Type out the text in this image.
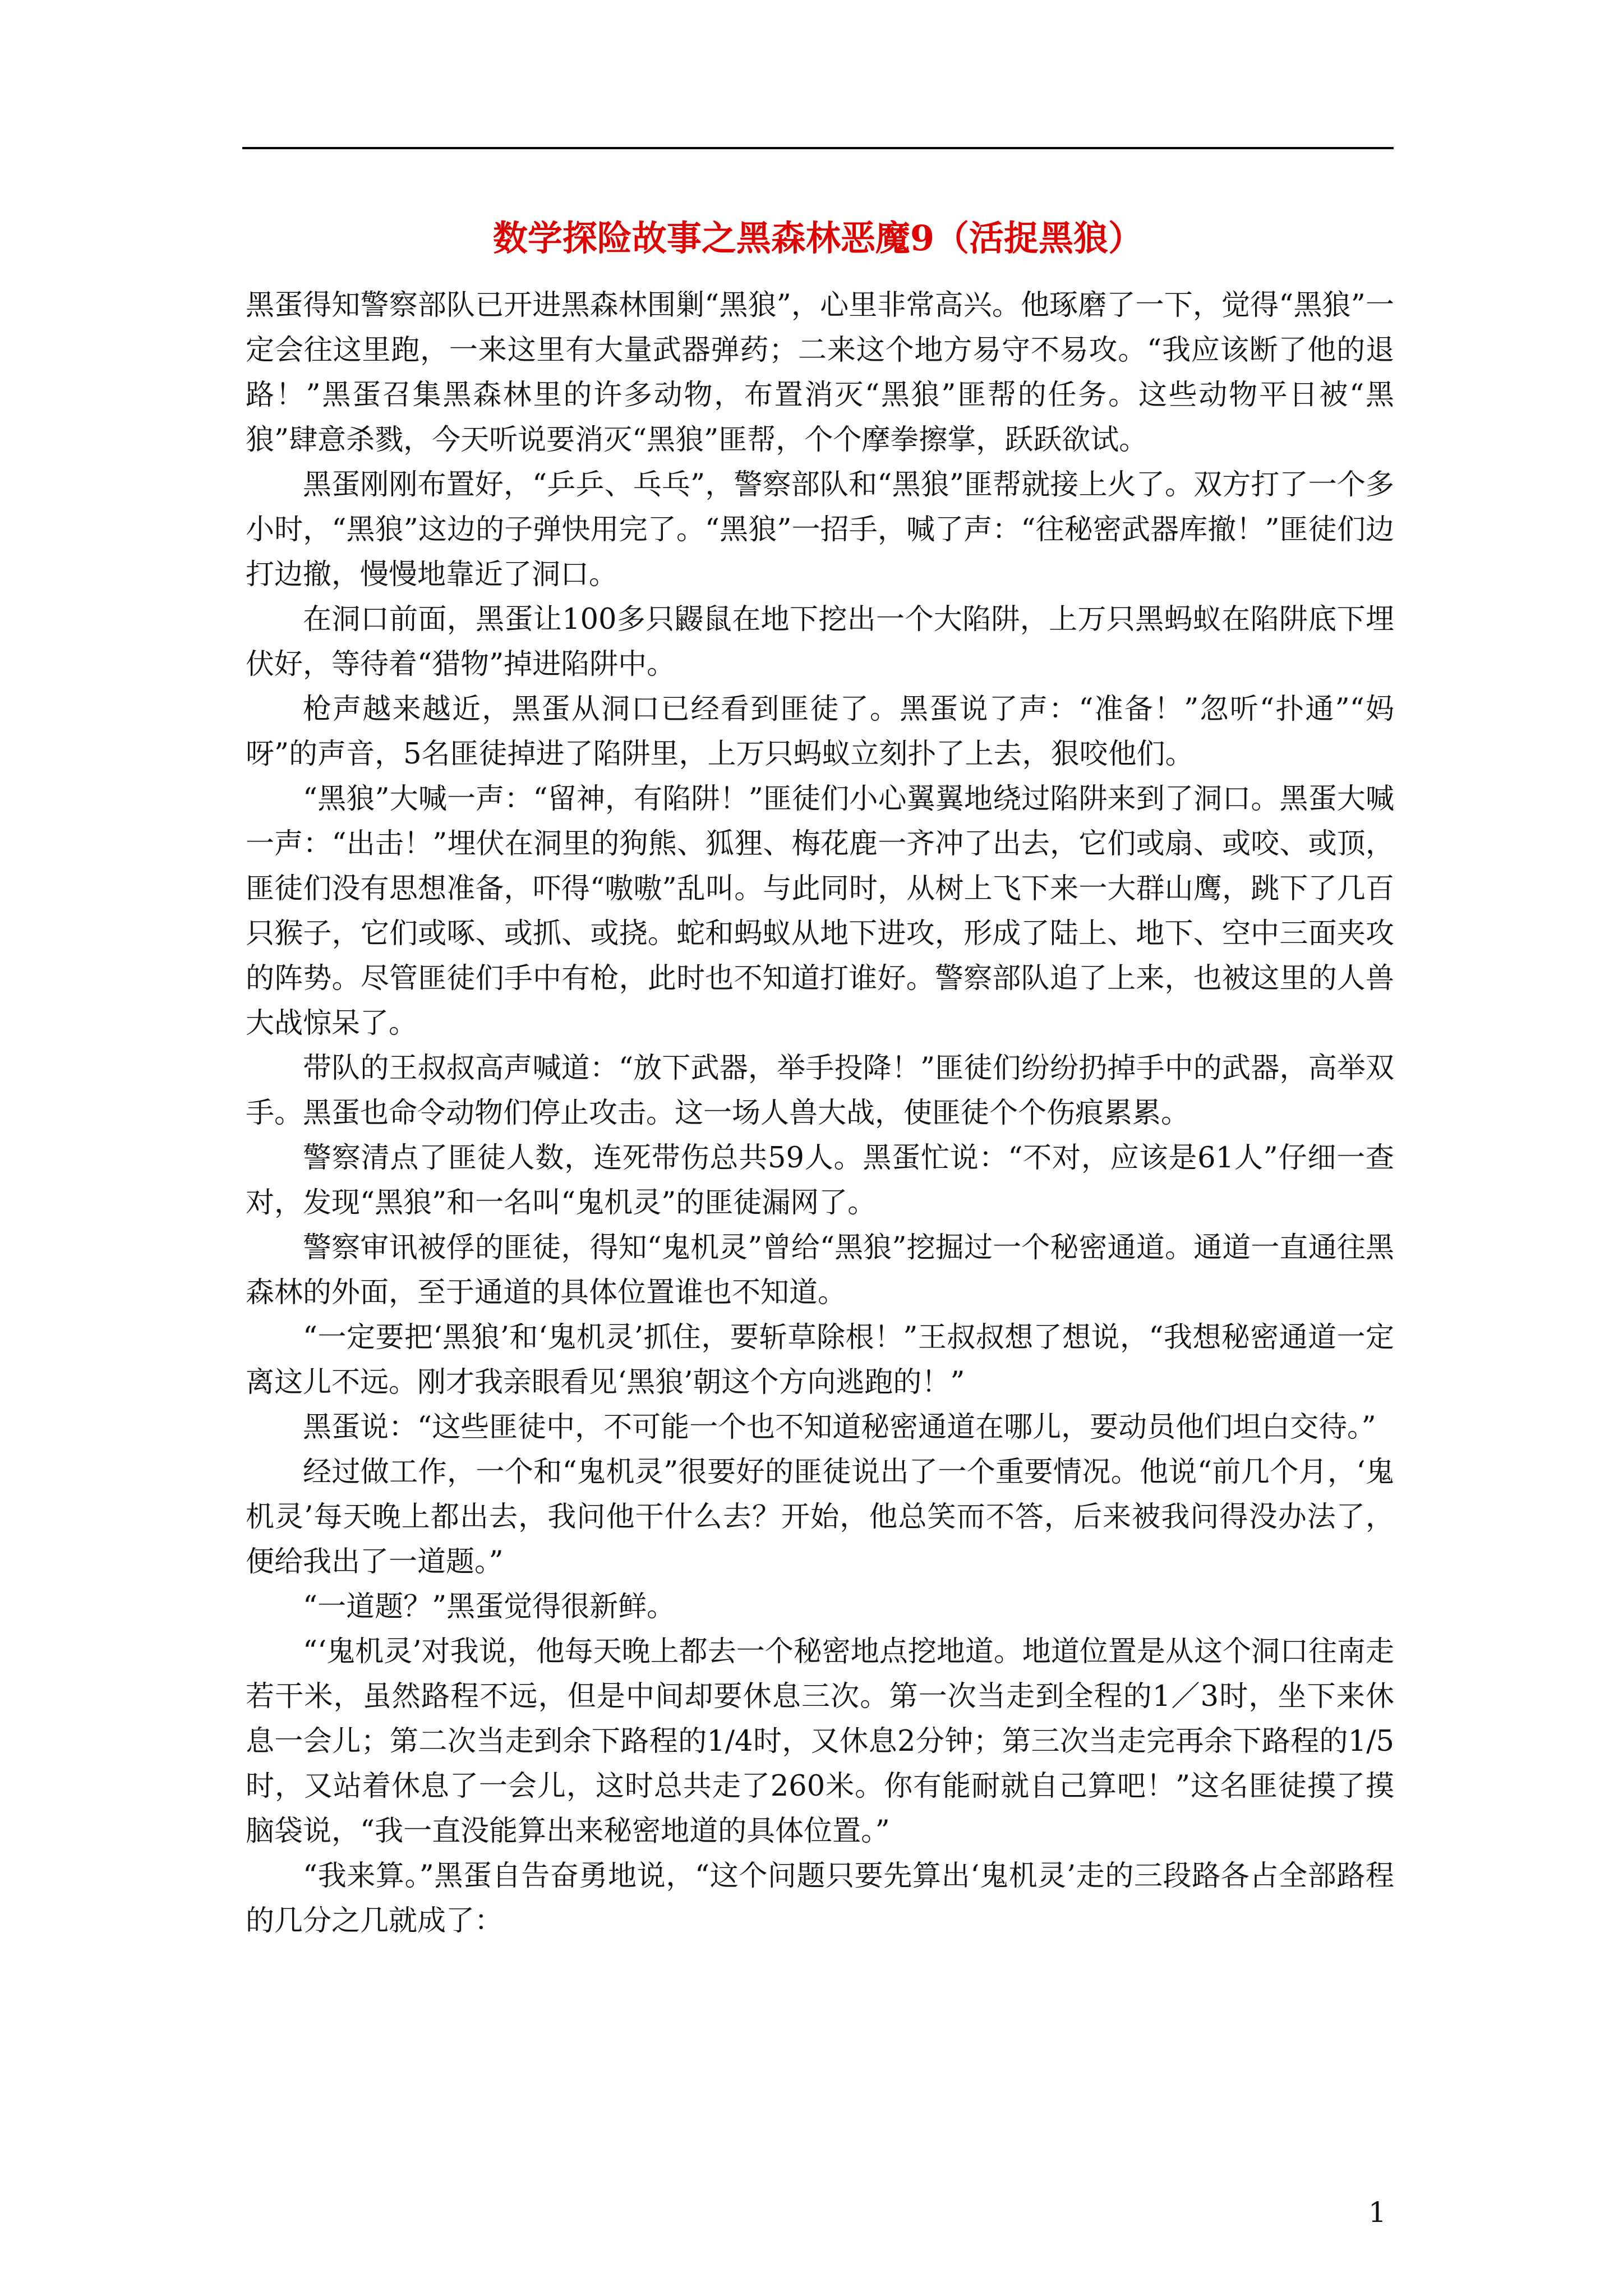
数学探险故事之黑森林恶魔9（活捉黑狼）

黑蛋得知警察部队已开进黑森林围剿“黑狼”，心里非常高兴。他琢磨了一下，觉得“黑狼”一定会往这里跑，一来这里有大量武器弹药；二来这个地方易守不易攻。“我应该断了他的退路！”黑蛋召集黑森林里的许多动物，布置消灭“黑狼”匪帮的任务。这些动物平日被“黑狼”肆意杀戮，今天听说要消灭“黑狼”匪帮，个个摩拳擦掌，跃跃欲试。

黑蛋刚刚布置好，“乒乒、乓乓”，警察部队和“黑狼”匪帮就接上火了。双方打了一个多小时，“黑狼”这边的子弹快用完了。“黑狼”一招手，喊了声：“往秘密武器库撤！”匪徒们边打边撤，慢慢地靠近了洞口。

在洞口前面，黑蛋让100多只鼹鼠在地下挖出一个大陷阱，上万只黑蚂蚁在陷阱底下埋伏好，等待着“猎物”掉进陷阱中。

枪声越来越近，黑蛋从洞口已经看到匪徒了。黑蛋说了声：“准备！”忽听“扑通”“妈呀”的声音，5名匪徒掉进了陷阱里，上万只蚂蚁立刻扑了上去，狠咬他们。

“黑狼”大喊一声：“留神，有陷阱！”匪徒们小心翼翼地绕过陷阱来到了洞口。黑蛋大喊一声：“出击！”埋伏在洞里的狗熊、狐狸、梅花鹿一齐冲了出去，它们或扇、或咬、或顶，匪徒们没有思想准备，吓得“嗷嗷”乱叫。与此同时，从树上飞下来一大群山鹰，跳下了几百只猴子，它们或啄、或抓、或挠。蛇和蚂蚁从地下进攻，形成了陆上、地下、空中三面夹攻的阵势。尽管匪徒们手中有枪，此时也不知道打谁好。警察部队追了上来，也被这里的人兽大战惊呆了。

带队的王叔叔高声喊道：“放下武器，举手投降！”匪徒们纷纷扔掉手中的武器，高举双手。黑蛋也命令动物们停止攻击。这一场人兽大战，使匪徒个个伤痕累累。

警察清点了匪徒人数，连死带伤总共59人。黑蛋忙说：“不对，应该是61人”仔细一查对，发现“黑狼”和一名叫“鬼机灵”的匪徒漏网了。

警察审讯被俘的匪徒，得知“鬼机灵”曾给“黑狼”挖掘过一个秘密通道。通道一直通往黑森林的外面，至于通道的具体位置谁也不知道。

“一定要把‘黑狼’和‘鬼机灵’抓住，要斩草除根！”王叔叔想了想说，“我想秘密通道一定离这儿不远。刚才我亲眼看见‘黑狼’朝这个方向逃跑的！”

黑蛋说：“这些匪徒中，不可能一个也不知道秘密通道在哪儿，要动员他们坦白交待。”

经过做工作，一个和“鬼机灵”很要好的匪徒说出了一个重要情况。他说“前几个月，‘鬼机灵’每天晚上都出去，我问他干什么去？开始，他总笑而不答，后来被我问得没办法了，便给我出了一道题。”

“一道题？”黑蛋觉得很新鲜。

“‘鬼机灵’对我说，他每天晚上都去一个秘密地点挖地道。地道位置是从这个洞口往南走若干米，虽然路程不远，但是中间却要休息三次。第一次当走到全程的1／3时，坐下来休息一会儿；第二次当走到余下路程的1/4时，又休息2分钟；第三次当走完再余下路程的1/5时，又站着休息了一会儿，这时总共走了260米。你有能耐就自己算吧！”这名匪徒摸了摸脑袋说，“我一直没能算出来秘密地道的具体位置。”

“我来算。”黑蛋自告奋勇地说，“这个问题只要先算出‘鬼机灵’走的三段路各占全部路程的几分之几就成了：

1
